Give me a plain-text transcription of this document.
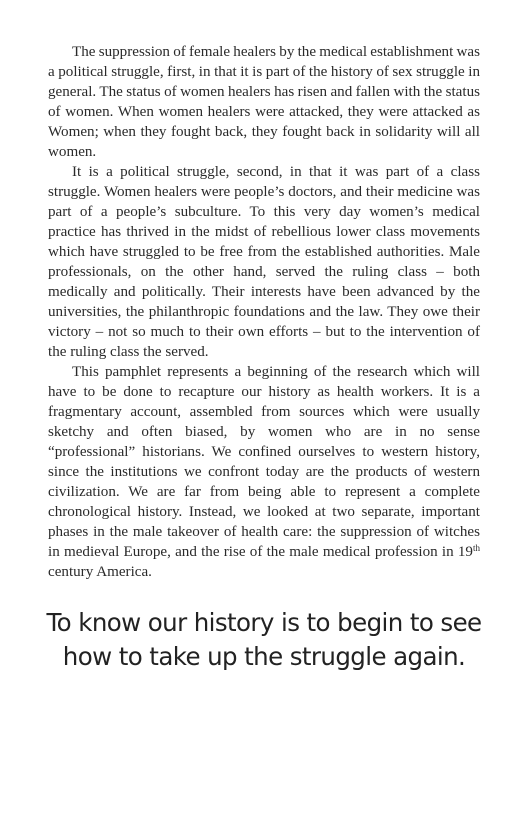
The suppression of female healers by the medical establishment was a political struggle, first, in that it is part of the history of sex struggle in general. The status of women healers has risen and fallen with the status of women. When women healers were attacked, they were attacked as Women; when they fought back, they fought back in solidarity will all women.

It is a political struggle, second, in that it was part of a class struggle. Women healers were people’s doctors, and their medicine was part of a people’s subculture. To this very day women’s medical practice has thrived in the midst of rebellious lower class movements which have struggled to be free from the established authorities. Male professionals, on the other hand, served the ruling class – both medically and politically. Their interests have been advanced by the universities, the philanthropic foundations and the law. They owe their victory – not so much to their own efforts – but to the intervention of the ruling class the served.

This pamphlet represents a beginning of the research which will have to be done to recapture our history as health workers. It is a fragmentary account, assembled from sources which were usually sketchy and often biased, by women who are in no sense “professional” historians. We confined ourselves to western history, since the institutions we confront today are the products of western civilization. We are far from being able to represent a complete chronological history. Instead, we looked at two separate, important phases in the male takeover of health care: the suppression of witches in medieval Europe, and the rise of the male medical profession in 19th century America.

To know our history is to begin to see how to take up the struggle again.
